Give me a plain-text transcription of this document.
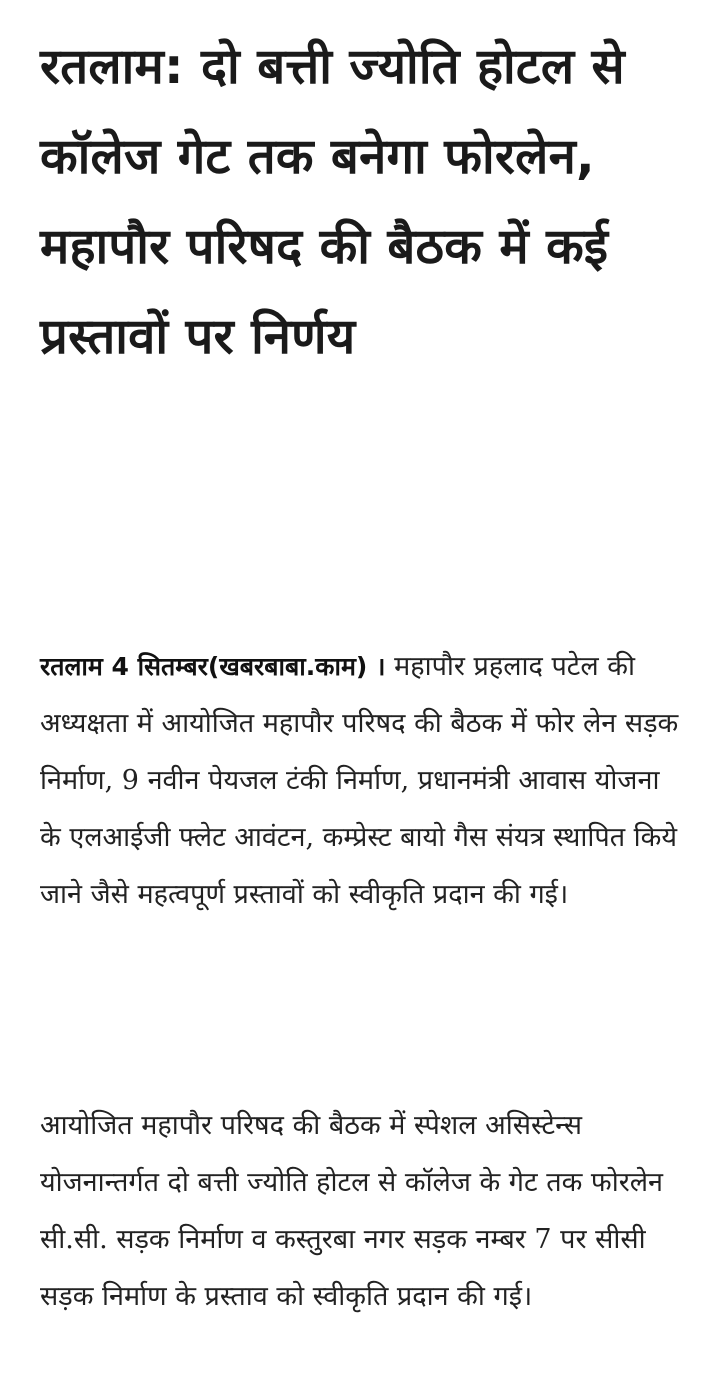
रतलाम: दो बत्ती ज्योति होटल से कॉलेज गेट तक बनेगा फोरलेन, महापौर परिषद की बैठक में कई प्रस्तावों पर निर्णय

रतलाम 4 सितम्बर(खबरबाबा.काम) । महापौर प्रहलाद पटेल की अध्यक्षता में आयोजित महापौर परिषद की बैठक में फोर लेन सड़क निर्माण, 9 नवीन पेयजल टंकी निर्माण, प्रधानमंत्री आवास योजना के एलआईजी फ्लेट आवंटन, कम्प्रेस्ट बायो गैस संयत्र स्थापित किये जाने जैसे महत्वपूर्ण प्रस्तावों को स्वीकृति प्रदान की गई।

आयोजित महापौर परिषद की बैठक में स्पेशल असिस्टेन्स योजनान्तर्गत दो बत्ती ज्योति होटल से कॉलेज के गेट तक फोरलेन सी.सी. सड़क निर्माण व कस्तुरबा नगर सड़क नम्बर 7 पर सीसी सड़क निर्माण के प्रस्ताव को स्वीकृति प्रदान की गई।
